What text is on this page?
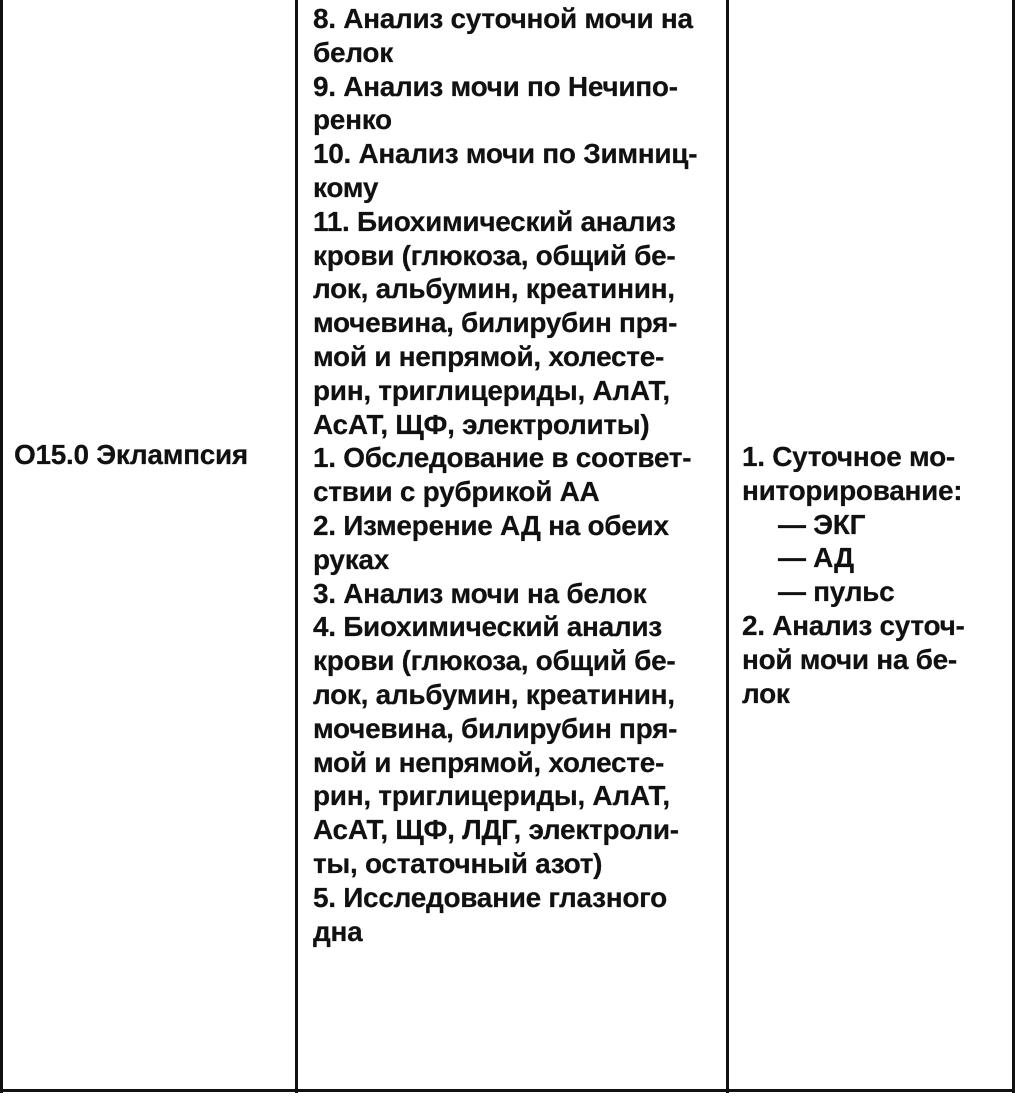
O15.0 Эклампсия
8. Анализ суточной мочи на
белок
9. Анализ мочи по Нечипо-
ренко
10. Анализ мочи по Зимниц-
кому
11. Биохимический анализ
крови (глюкоза, общий бе-
лок, альбумин, креатинин,
мочевина, билирубин пря-
мой и непрямой, холесте-
рин, триглицериды, АлАТ,
АсАТ, ЩФ, электролиты)
1. Обследование в соответ-
ствии с рубрикой АА
2. Измерение АД на обеих
руках
3. Анализ мочи на белок
4. Биохимический анализ
крови (глюкоза, общий бе-
лок, альбумин, креатинин,
мочевина, билирубин пря-
мой и непрямой, холесте-
рин, триглицериды, АлАТ,
АсАТ, ЩФ, ЛДГ, электроли-
ты, остаточный азот)
5. Исследование глазного
дна
1. Суточное мо-
ниторирование:
— ЭКГ
— АД
— пульс
2. Анализ суточ-
ной мочи на бе-
лок
